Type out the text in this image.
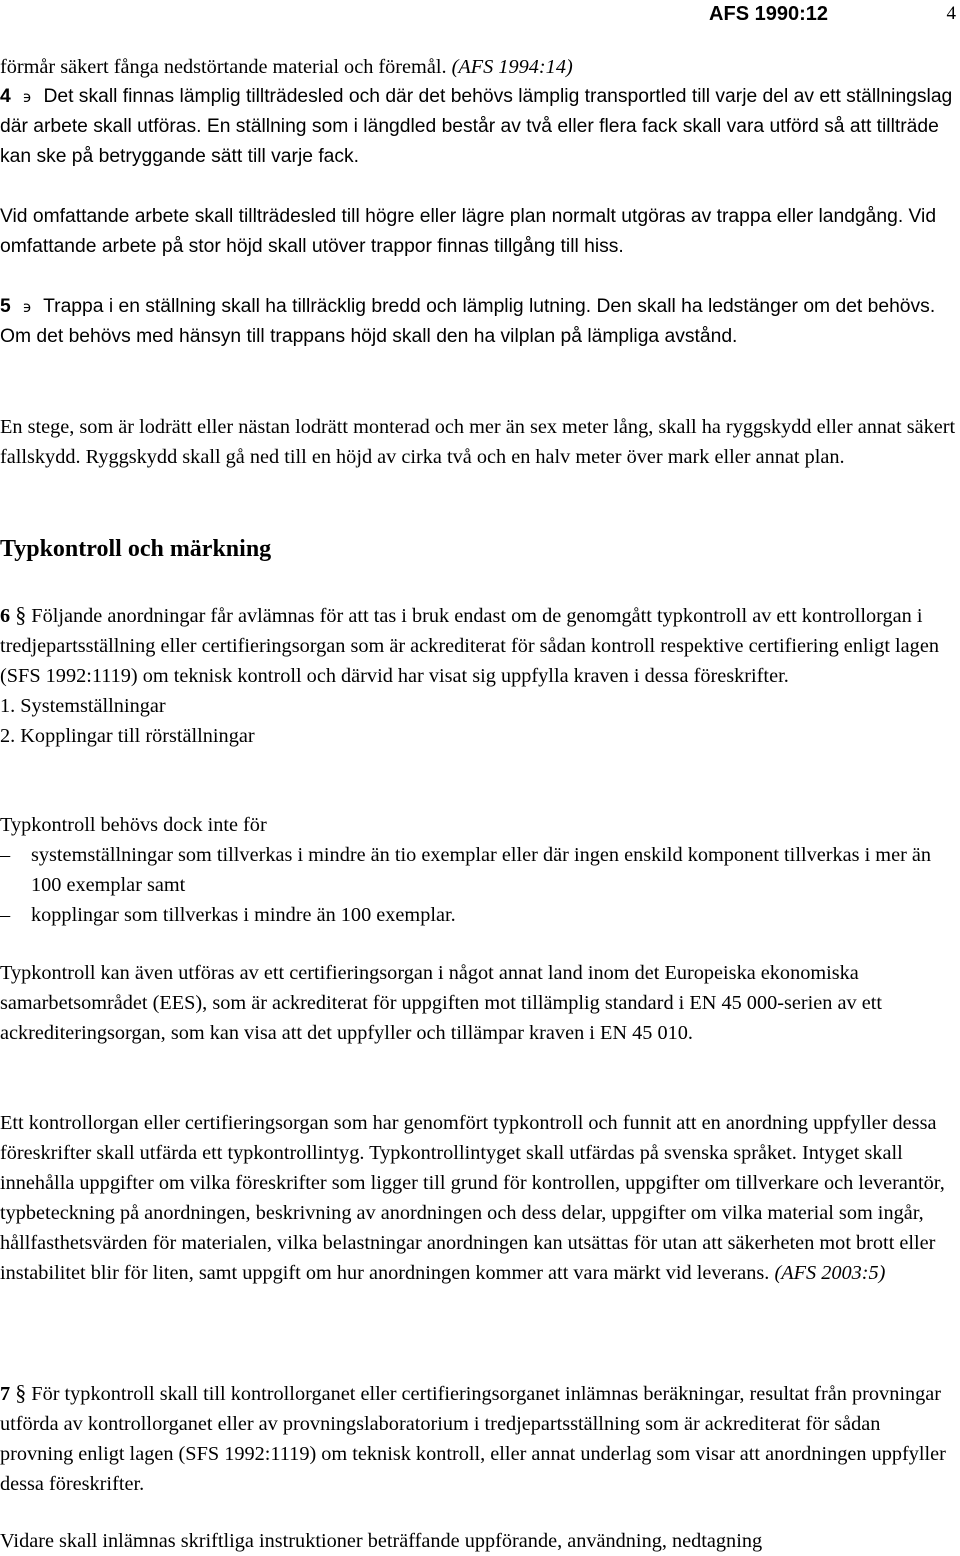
AFS 1990:12	4

förmår säkert fånga nedstörtande material och föremål. (AFS 1994:14)

4 ϶ Det skall finnas lämplig tillträdesled och där det behövs lämplig transportled till varje del av ett ställningslag där arbete skall utföras. En ställning som i längdled består av två eller flera fack skall vara utförd så att tillträde kan ske på betryggande sätt till varje fack.

Vid omfattande arbete skall tillträdesled till högre eller lägre plan normalt utgöras av trappa eller landgång. Vid omfattande arbete på stor höjd skall utöver trappor finnas tillgång till hiss.

5 ϶ Trappa i en ställning skall ha tillräcklig bredd och lämplig lutning. Den skall ha ledstänger om det behövs. Om det behövs med hänsyn till trappans höjd skall den ha vilplan på lämpliga avstånd.

En stege, som är lodrätt eller nästan lodrätt monterad och mer än sex meter lång, skall ha ryggskydd eller annat säkert fallskydd. Ryggskydd skall gå ned till en höjd av cirka två och en halv meter över mark eller annat plan.

Typkontroll och märkning

6 § Följande anordningar får avlämnas för att tas i bruk endast om de genomgått typkontroll av ett kontrollorgan i tredjepartsställning eller certifieringsorgan som är ackrediterat för sådan kontroll respektive certifiering enligt lagen (SFS 1992:1119) om teknisk kontroll och därvid har visat sig uppfylla kraven i dessa föreskrifter.

1. Systemställningar

2. Kopplingar till rörställningar

Typkontroll behövs dock inte för

– systemställningar som tillverkas i mindre än tio exemplar eller där ingen enskild komponent tillverkas i mer än 100 exemplar samt
– kopplingar som tillverkas i mindre än 100 exemplar.

Typkontroll kan även utföras av ett certifieringsorgan i något annat land inom det Europeiska ekonomiska samarbetsområdet (EES), som är ackrediterat för uppgiften mot tillämplig standard i EN 45 000-serien av ett ackrediteringsorgan, som kan visa att det uppfyller och tillämpar kraven i EN 45 010.

Ett kontrollorgan eller certifieringsorgan som har genomfört typkontroll och funnit att en anordning uppfyller dessa föreskrifter skall utfärda ett typkontrollintyg. Typkontrollintyget skall utfärdas på svenska språket. Intyget skall innehålla uppgifter om vilka föreskrifter som ligger till grund för kontrollen, uppgifter om tillverkare och leverantör, typbeteckning på anordningen, beskrivning av anordningen och dess delar, uppgifter om vilka material som ingår, hållfasthetsvärden för materialen, vilka belastningar anordningen kan utsättas för utan att säkerheten mot brott eller instabilitet blir för liten, samt uppgift om hur anordningen kommer att vara märkt vid leverans. (AFS 2003:5)

7 § För typkontroll skall till kontrollorganet eller certifieringsorganet inlämnas beräkningar, resultat från provningar utförda av kontrollorganet eller av provningslaboratorium i tredjepartsställning som är ackrediterat för sådan provning enligt lagen (SFS 1992:1119) om teknisk kontroll, eller annat underlag som visar att anordningen uppfyller dessa föreskrifter.

Vidare skall inlämnas skriftliga instruktioner beträffande uppförande, användning, nedtagning
